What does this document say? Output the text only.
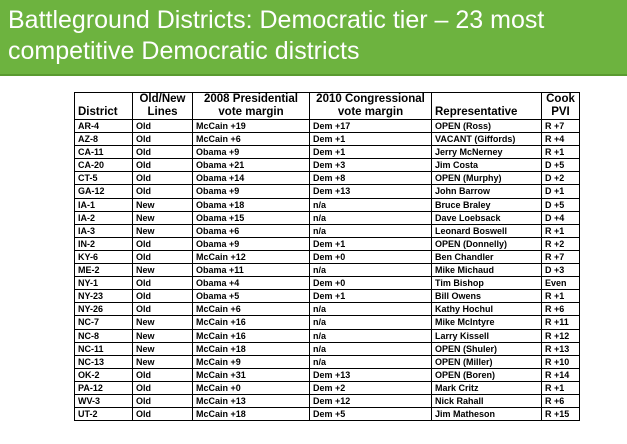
Battleground Districts: Democratic tier – 23 most competitive Democratic districts
District	Old/New Lines	2008 Presidential vote margin	2010 Congressional vote margin	Representative	Cook PVI
AR-4	Old	McCain +19	Dem +17	OPEN (Ross)	R +7
AZ-8	Old	McCain +6	Dem +1	VACANT (Giffords)	R +4
CA-11	Old	Obama +9	Dem +1	Jerry McNerney	R +1
CA-20	Old	Obama +21	Dem +3	Jim Costa	D +5
CT-5	Old	Obama +14	Dem +8	OPEN (Murphy)	D +2
GA-12	Old	Obama +9	Dem +13	John Barrow	D +1
IA-1	New	Obama +18	n/a	Bruce Braley	D +5
IA-2	New	Obama +15	n/a	Dave Loebsack	D +4
IA-3	New	Obama +6	n/a	Leonard Boswell	R +1
IN-2	Old	Obama +9	Dem +1	OPEN (Donnelly)	R +2
KY-6	Old	McCain +12	Dem +0	Ben Chandler	R +7
ME-2	New	Obama +11	n/a	Mike Michaud	D +3
NY-1	Old	Obama +4	Dem +0	Tim Bishop	Even
NY-23	Old	Obama +5	Dem +1	Bill Owens	R +1
NY-26	Old	McCain +6	n/a	Kathy Hochul	R +6
NC-7	New	McCain +16	n/a	Mike McIntyre	R +11
NC-8	New	McCain +16	n/a	Larry Kissell	R +12
NC-11	New	McCain +18	n/a	OPEN (Shuler)	R +13
NC-13	New	McCain +9	n/a	OPEN (Miller)	R +10
OK-2	Old	McCain +31	Dem +13	OPEN (Boren)	R +14
PA-12	Old	McCain +0	Dem +2	Mark Critz	R +1
WV-3	Old	McCain +13	Dem +12	Nick Rahall	R +6
UT-2	Old	McCain +18	Dem +5	Jim Matheson	R +15
